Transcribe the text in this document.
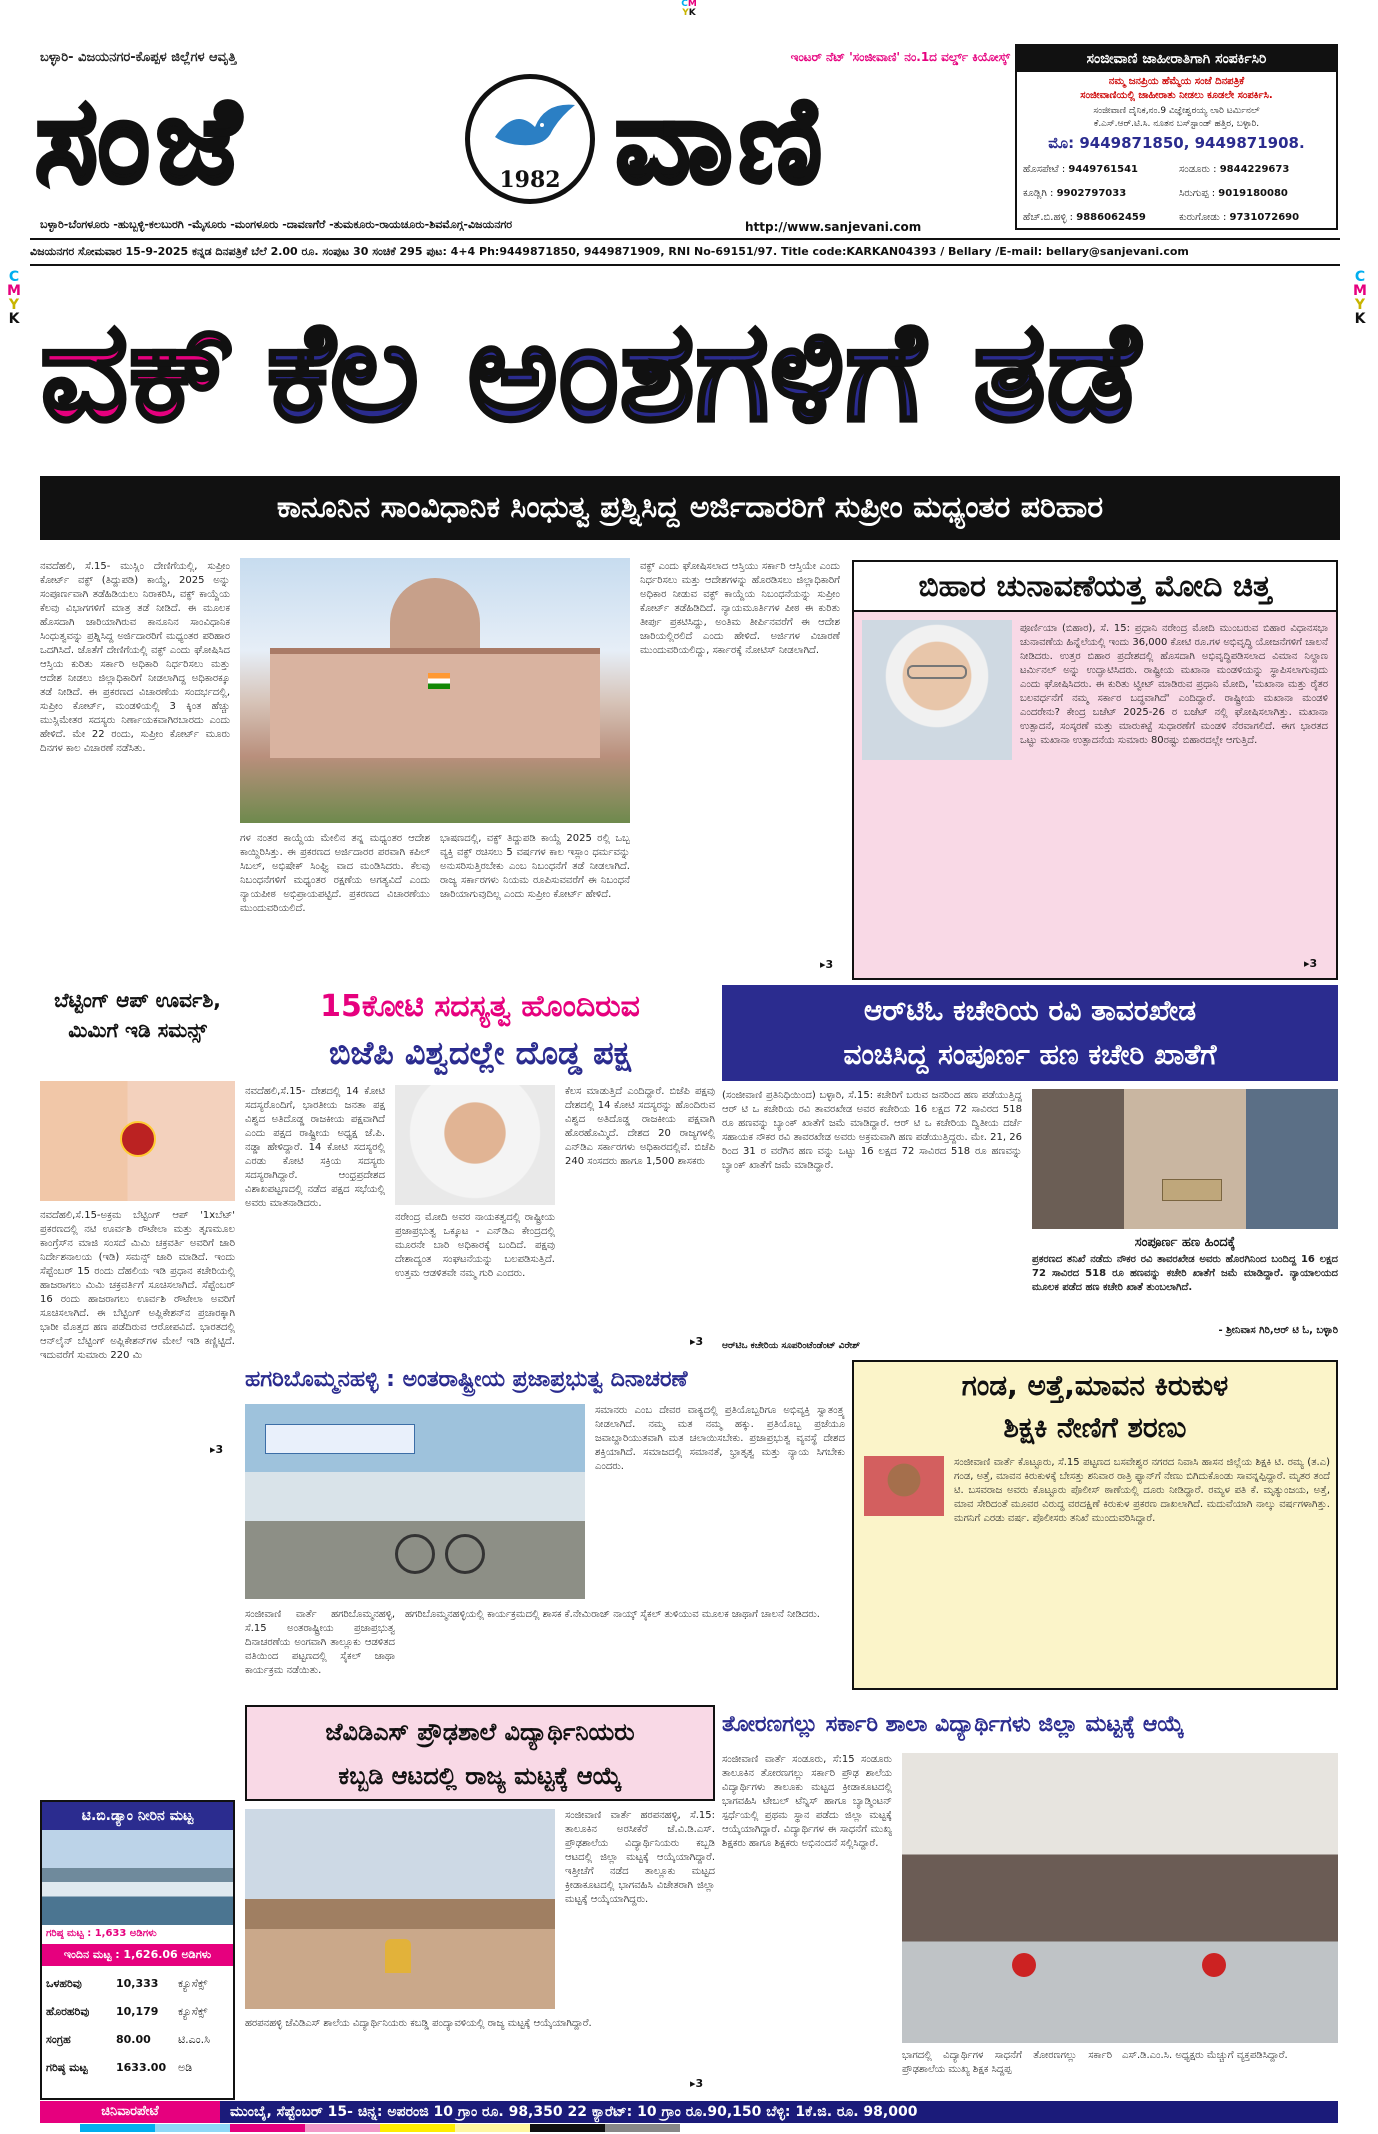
CM
YK
ಬಳ್ಳಾರಿ- ವಿಜಯನಗರ-ಕೊಪ್ಪಳ ಜಿಲ್ಲೆಗಳ ಆವೃತ್ತಿ	ಇಂಟರ್ ನೆಟ್ 'ಸಂಜೀವಾಣಿ' ನಂ.1ದ ವರ್ಲ್ಡ್ ಕಿಯೋಸ್ಕ್
ಸಂಜೆ	1982 ವಾಣಿ
ಬಳ್ಳಾರಿ-ಬೆಂಗಳೂರು -ಹುಬ್ಬಳ್ಳಿ-ಕಲಬುರಗಿ -ಮೈಸೂರು -ಮಂಗಳೂರು -ದಾವಣಗೆರೆ -ತುಮಕೂರು-ರಾಯಚೂರು-ಶಿವಮೊಗ್ಗ-ವಿಜಯನಗರ	http://www.sanjevani.com
ಸಂಜೀವಾಣಿ ಜಾಹೀರಾತಿಗಾಗಿ ಸಂಪರ್ಕಿಸಿರಿ
ನಮ್ಮ ಜನಪ್ರಿಯ ಹೆಮ್ಮೆಯ ಸಂಜೆ ದಿನಪತ್ರಿಕೆ
ಸಂಜೀವಾಣಿಯಲ್ಲಿ ಜಾಹೀರಾತು ನೀಡಲು ಕೂಡಲೇ ಸಂಪರ್ಕಿಸಿ.
ಸಂಜೀವಾಣಿ ದೈನಿಕ,ನಂ.9 ವಿಜ್ಞೇಶ್ವರಯ್ಯ ಲಾರಿ ಟರ್ಮಿನಲ್
ಕೆ.ಎಸ್.ಆರ್.ಟಿ.ಸಿ. ನೂತನ ಬಸ್‌ಸ್ಟಾಂಡ್ ಹತ್ತಿರ, ಬಳ್ಳಾರಿ.
ಮೊ: 9449871850, 9449871908.
ಹೊಸಪೇಟೆ : 9449761541	ಸಂಡೂರು : 9844229673
ಕೂಡ್ಲಿಗಿ : 9902797033	ಸಿರುಗುಪ್ಪ : 9019180080
ಹೆಚ್.ಬಿ.ಹಳ್ಳಿ : 9886062459	ಕುರುಗೋಡು : 9731072690
ವಿಜಯನಗರ ಸೋಮವಾರ 15-9-2025 ಕನ್ನಡ ದಿನಪತ್ರಿಕೆ ಬೆಲೆ 2.00 ರೂ. ಸಂಪುಟ 30 ಸಂಚಿಕೆ 295 ಪುಟ: 4+4 Ph:9449871850, 9449871909, RNI No-69151/97. Title code:KARKAN04393 / Bellary /E-mail: bellary@sanjevani.com
C
M
Y
K
C
M
Y
K
ವಕ್ ಕೆಲ ಅಂಶಗಳಿಗೆ ತಡೆ
ಕಾನೂನಿನ ಸಾಂವಿಧಾನಿಕ ಸಿಂಧುತ್ವ ಪ್ರಶ್ನಿಸಿದ್ದ ಅರ್ಜಿದಾರರಿಗೆ ಸುಪ್ರೀಂ ಮಧ್ಯಂತರ ಪರಿಹಾರ
ನವದೆಹಲಿ, ಸೆ.15- ಮುಸ್ಲಿಂ ದೇಣಿಗೆಯಲ್ಲಿ, ಸುಪ್ರೀಂ ಕೋರ್ಟ್ ವಕ್ಫ್ (ತಿದ್ದುಪಡಿ) ಕಾಯ್ದೆ, 2025 ಅನ್ನು ಸಂಪೂರ್ಣವಾಗಿ ತಡೆಹಿಡಿಯಲು ನಿರಾಕರಿಸಿ, ವಕ್ಫ್ ಕಾಯ್ದೆಯ ಕೆಲವು ವಿಭಾಗಗಳಿಗೆ ಮಾತ್ರ ತಡೆ ನೀಡಿದೆ. ಈ ಮೂಲಕ ಹೊಸದಾಗಿ ಜಾರಿಯಾಗಿರುವ ಕಾನೂನಿನ ಸಾಂವಿಧಾನಿಕ ಸಿಂಧುತ್ವವನ್ನು ಪ್ರಶ್ನಿಸಿದ್ದ ಅರ್ಜಿದಾರರಿಗೆ ಮಧ್ಯಂತರ ಪರಿಹಾರ ಒದಗಿಸಿದೆ. ಜೊತೆಗೆ ದೇಣಿಗೆಯಲ್ಲಿ ವಕ್ಫ್ ಎಂದು ಘೋಷಿಸಿದ ಆಸ್ತಿಯ ಕುರಿತು ಸರ್ಕಾರಿ ಅಧಿಕಾರಿ ನಿರ್ಧರಿಸಲು ಮತ್ತು ಆದೇಶ ನೀಡಲು ಜಿಲ್ಲಾಧಿಕಾರಿಗೆ ನೀಡಲಾಗಿದ್ದ ಅಧಿಕಾರಕ್ಕೂ ತಡೆ ನೀಡಿದೆ. ಈ ಪ್ರಕರಣದ ವಿಚಾರಣೆಯ ಸಂದರ್ಭದಲ್ಲಿ, ಸುಪ್ರೀಂ ಕೋರ್ಟ್, ಮಂಡಳಿಯಲ್ಲಿ 3 ಕ್ಕಿಂತ ಹೆಚ್ಚು ಮುಸ್ಲಿಮೇತರ ಸದಸ್ಯರು ನಿರ್ಣಾಯಕವಾಗಿರಬಾರದು ಎಂದು ಹೇಳಿದೆ. ಮೇ 22 ರಂದು, ಸುಪ್ರೀಂ ಕೋರ್ಟ್ ಮೂರು ದಿನಗಳ ಕಾಲ ವಿಚಾರಣೆ ನಡೆಸಿತು.
ಗಳ ನಂತರ ಕಾಯ್ದೆಯ ಮೇಲಿನ ತನ್ನ ಮಧ್ಯಂತರ ಆದೇಶ ಕಾಯ್ದಿರಿಸಿತ್ತು. ಈ ಪ್ರಕರಣದ ಅರ್ಜಿದಾರರ ಪರವಾಗಿ ಕಪಿಲ್ ಸಿಬಲ್, ಅಭಿಷೇಕ್ ಸಿಂಘ್ವಿ ವಾದ ಮಂಡಿಸಿದರು. ಕೆಲವು ನಿಬಂಧನೆಗಳಿಗೆ ಮಧ್ಯಂತರ ರಕ್ಷಣೆಯ ಅಗತ್ಯವಿದೆ ಎಂದು ನ್ಯಾಯಪೀಠ ಅಭಿಪ್ರಾಯಪಟ್ಟಿದೆ. ಪ್ರಕರಣದ ವಿಚಾರಣೆಯು ಮುಂದುವರಿಯಲಿದೆ.
ಭಾಷಣದಲ್ಲಿ, ವಕ್ಫ್ ತಿದ್ದುಪಡಿ ಕಾಯ್ದೆ 2025 ರಲ್ಲಿ ಒಬ್ಬ ವ್ಯಕ್ತಿ ವಕ್ಫ್ ರಚಿಸಲು 5 ವರ್ಷಗಳ ಕಾಲ ಇಸ್ಲಾಂ ಧರ್ಮವನ್ನು ಅನುಸರಿಸುತ್ತಿರಬೇಕು ಎಂಬ ನಿಬಂಧನೆಗೆ ತಡೆ ನೀಡಲಾಗಿದೆ. ರಾಜ್ಯ ಸರ್ಕಾರಗಳು ನಿಯಮ ರೂಪಿಸುವವರೆಗೆ ಈ ನಿಬಂಧನೆ ಜಾರಿಯಾಗುವುದಿಲ್ಲ ಎಂದು ಸುಪ್ರೀಂ ಕೋರ್ಟ್ ಹೇಳಿದೆ.
ವಕ್ಫ್ ಎಂದು ಘೋಷಿಸಲಾದ ಆಸ್ತಿಯು ಸರ್ಕಾರಿ ಆಸ್ತಿಯೇ ಎಂದು ನಿರ್ಧರಿಸಲು ಮತ್ತು ಆದೇಶಗಳನ್ನು ಹೊರಡಿಸಲು ಜಿಲ್ಲಾಧಿಕಾರಿಗೆ ಅಧಿಕಾರ ನೀಡುವ ವಕ್ಫ್ ಕಾಯ್ದೆಯ ನಿಬಂಧನೆಯನ್ನು ಸುಪ್ರೀಂ ಕೋರ್ಟ್ ತಡೆಹಿಡಿದಿದೆ. ನ್ಯಾಯಮೂರ್ತಿಗಳ ಪೀಠ ಈ ಕುರಿತು ತೀರ್ಪು ಪ್ರಕಟಿಸಿದ್ದು, ಅಂತಿಮ ತೀರ್ಪಿನವರೆಗೆ ಈ ಆದೇಶ ಜಾರಿಯಲ್ಲಿರಲಿದೆ ಎಂದು ಹೇಳಿದೆ. ಅರ್ಜಿಗಳ ವಿಚಾರಣೆ ಮುಂದುವರಿಯಲಿದ್ದು, ಸರ್ಕಾರಕ್ಕೆ ನೋಟಿಸ್ ನೀಡಲಾಗಿದೆ.
▸3
ಬಿಹಾರ ಚುನಾವಣೆಯತ್ತ ಮೋದಿ ಚಿತ್ತ
ಪೂರ್ಣಿಯಾ (ಬಿಹಾರ), ಸೆ. 15: ಪ್ರಧಾನಿ ನರೇಂದ್ರ ಮೋದಿ ಮುಂಬರುವ ಬಿಹಾರ ವಿಧಾನಸಭಾ ಚುನಾವಣೆಯ ಹಿನ್ನೆಲೆಯಲ್ಲಿ ಇಂದು 36,000 ಕೋಟಿ ರೂ.ಗಳ ಅಭಿವೃದ್ಧಿ ಯೋಜನೆಗಳಿಗೆ ಚಾಲನೆ ನೀಡಿದರು. ಉತ್ತರ ಬಿಹಾರ ಪ್ರದೇಶದಲ್ಲಿ ಹೊಸದಾಗಿ ಅಭಿವೃದ್ಧಿಪಡಿಸಲಾದ ವಿಮಾನ ನಿಲ್ದಾಣ ಟರ್ಮಿನಲ್ ಅನ್ನು ಉದ್ಘಾಟಿಸಿದರು. ರಾಷ್ಟ್ರೀಯ ಮಖಾನಾ ಮಂಡಳಿಯನ್ನು ಸ್ಥಾಪಿಸಲಾಗುವುದು ಎಂದು ಘೋಷಿಸಿದರು. ಈ ಕುರಿತು ಟ್ವೀಟ್ ಮಾಡಿರುವ ಪ್ರಧಾನಿ ಮೋದಿ, 'ಮಖಾನಾ ಮತ್ತು ರೈತರ ಬಲವರ್ಧನೆಗೆ ನಮ್ಮ ಸರ್ಕಾರ ಬದ್ಧವಾಗಿದೆ' ಎಂದಿದ್ದಾರೆ. ರಾಷ್ಟ್ರೀಯ ಮಖಾನಾ ಮಂಡಳಿ ಎಂದರೇನು? ಕೇಂದ್ರ ಬಜೆಟ್ 2025-26 ರ ಬಜೆಟ್ ನಲ್ಲಿ ಘೋಷಿಸಲಾಗಿತ್ತು. ಮಖಾನಾ ಉತ್ಪಾದನೆ, ಸಂಸ್ಕರಣೆ ಮತ್ತು ಮಾರುಕಟ್ಟೆ ಸುಧಾರಣೆಗೆ ಮಂಡಳಿ ನೆರವಾಗಲಿದೆ. ಈಗ ಭಾರತದ ಒಟ್ಟು ಮಖಾನಾ ಉತ್ಪಾದನೆಯ ಸುಮಾರು 80ರಷ್ಟು ಬಿಹಾರದಲ್ಲೇ ಆಗುತ್ತಿದೆ.
▸3
ಬೆಟ್ಟಿಂಗ್ ಆಪ್ ಊರ್ವಶಿ, ಮಿಮಿಗೆ ಇಡಿ ಸಮನ್ಸ್
ನವದೆಹಲಿ,ಸೆ.15-ಅಕ್ರಮ ಬೆಟ್ಟಿಂಗ್ ಆಪ್ '1xಬೆಟ್' ಪ್ರಕರಣದಲ್ಲಿ ನಟಿ ಊರ್ವಶಿ ರೌಟೇಲಾ ಮತ್ತು ತೃಣಮೂಲ ಕಾಂಗ್ರೆಸ್‌ನ ಮಾಜಿ ಸಂಸದೆ ಮಿಮಿ ಚಕ್ರವರ್ತಿ ಅವರಿಗೆ ಜಾರಿ ನಿರ್ದೇಶನಾಲಯ (ಇಡಿ) ಸಮನ್ಸ್ ಜಾರಿ ಮಾಡಿದೆ. ಇಂದು ಸೆಪ್ಟೆಂಬರ್ 15 ರಂದು ದೆಹಲಿಯ ಇಡಿ ಪ್ರಧಾನ ಕಚೇರಿಯಲ್ಲಿ ಹಾಜರಾಗಲು ಮಿಮಿ ಚಕ್ರವರ್ತಿಗೆ ಸೂಚಿಸಲಾಗಿದೆ. ಸೆಪ್ಟೆಂಬರ್ 16 ರಂದು ಹಾಜರಾಗಲು ಊರ್ವಶಿ ರೌಟೇಲಾ ಅವರಿಗೆ ಸೂಚಿಸಲಾಗಿದೆ. ಈ ಬೆಟ್ಟಿಂಗ್ ಅಪ್ಲಿಕೇಶನ್‌ನ ಪ್ರಚಾರಕ್ಕಾಗಿ ಭಾರೀ ಮೊತ್ತದ ಹಣ ಪಡೆದಿರುವ ಆರೋಪವಿದೆ. ಭಾರತದಲ್ಲಿ ಆನ್‌ಲೈನ್ ಬೆಟ್ಟಿಂಗ್ ಅಪ್ಲಿಕೇಶನ್‌ಗಳ ಮೇಲೆ ಇಡಿ ಕಣ್ಣಿಟ್ಟಿದೆ. ಇದುವರೆಗೆ ಸುಮಾರು 220 ಮಿ
▸3
15ಕೋಟಿ ಸದಸ್ಯತ್ವ ಹೊಂದಿರುವ
ಬಿಜೆಪಿ ವಿಶ್ವದಲ್ಲೇ ದೊಡ್ಡ ಪಕ್ಷ
ನವದೆಹಲಿ,ಸೆ.15- ದೇಶದಲ್ಲಿ 14 ಕೋಟಿ ಸದಸ್ಯರೊಂದಿಗೆ, ಭಾರತೀಯ ಜನತಾ ಪಕ್ಷ ವಿಶ್ವದ ಅತಿದೊಡ್ಡ ರಾಜಕೀಯ ಪಕ್ಷವಾಗಿದೆ ಎಂದು ಪಕ್ಷದ ರಾಷ್ಟ್ರೀಯ ಅಧ್ಯಕ್ಷ ಜೆ.ಪಿ. ನಡ್ಡಾ ಹೇಳಿದ್ದಾರೆ. 14 ಕೋಟಿ ಸದಸ್ಯರಲ್ಲಿ ಎರಡು ಕೋಟಿ ಸಕ್ರಿಯ ಸದಸ್ಯರು ಸದಸ್ಯರಾಗಿದ್ದಾರೆ. ಆಂಧ್ರಪ್ರದೇಶದ ವಿಶಾಖಪಟ್ಟಣದಲ್ಲಿ ನಡೆದ ಪಕ್ಷದ ಸಭೆಯಲ್ಲಿ ಅವರು ಮಾತನಾಡಿದರು.
ನರೇಂದ್ರ ಮೋದಿ ಅವರ ನಾಯಕತ್ವದಲ್ಲಿ ರಾಷ್ಟ್ರೀಯ ಪ್ರಜಾಪ್ರಭುತ್ವ ಒಕ್ಕೂಟ - ಎನ್‌ಡಿಎ ಕೇಂದ್ರದಲ್ಲಿ ಮೂರನೇ ಬಾರಿ ಅಧಿಕಾರಕ್ಕೆ ಬಂದಿದೆ. ಪಕ್ಷವು ದೇಶಾದ್ಯಂತ ಸಂಘಟನೆಯನ್ನು ಬಲಪಡಿಸುತ್ತಿದೆ. ಉತ್ತಮ ಆಡಳಿತವೇ ನಮ್ಮ ಗುರಿ ಎಂದರು.
ಕೆಲಸ ಮಾಡುತ್ತಿದೆ ಎಂದಿದ್ದಾರೆ. ಬಿಜೆಪಿ ಪಕ್ಷವು ದೇಶದಲ್ಲಿ 14 ಕೋಟಿ ಸದಸ್ಯರನ್ನು ಹೊಂದಿರುವ ವಿಶ್ವದ ಅತಿದೊಡ್ಡ ರಾಜಕೀಯ ಪಕ್ಷವಾಗಿ ಹೊರಹೊಮ್ಮಿದೆ. ದೇಶದ 20 ರಾಜ್ಯಗಳಲ್ಲಿ ಎನ್‌ಡಿಎ ಸರ್ಕಾರಗಳು ಅಧಿಕಾರದಲ್ಲಿವೆ. ಬಿಜೆಪಿ 240 ಸಂಸದರು ಹಾಗೂ 1,500 ಶಾಸಕರು
▸3
ಆರ್‌ಟಿಓ ಕಚೇರಿಯ ರವಿ ತಾವರಖೇಡ
ವಂಚಿಸಿದ್ದ ಸಂಪೂರ್ಣ ಹಣ ಕಚೇರಿ ಖಾತೆಗೆ
(ಸಂಜೀವಾಣಿ ಪ್ರತಿನಿಧಿಯಿಂದ) ಬಳ್ಳಾರಿ, ಸೆ.15: ಕಚೇರಿಗೆ ಬರುವ ಜನರಿಂದ ಹಣ ಪಡೆಯುತ್ತಿದ್ದ ಆರ್ ಟಿ ಒ ಕಚೇರಿಯ ರವಿ ತಾವರಖೇಡ ಅವರ ಕಚೇರಿಯ 16 ಲಕ್ಷದ 72 ಸಾವಿರದ 518 ರೂ ಹಣವನ್ನು ಬ್ಯಾಂಕ್ ಖಾತೆಗೆ ಜಮೆ ಮಾಡಿದ್ದಾರೆ. ಆರ್ ಟಿ ಒ ಕಚೇರಿಯ ದ್ವಿತೀಯ ದರ್ಜೆ ಸಹಾಯಕ ನೌಕರ ರವಿ ತಾವರಖೇಡ ಅವರು ಅಕ್ರಮವಾಗಿ ಹಣ ಪಡೆಯುತ್ತಿದ್ದರು. ಮೇ. 21, 26 ರಿಂದ 31 ರ ವರೆಗಿನ ಹಣ ವನ್ನು ಒಟ್ಟು 16 ಲಕ್ಷದ 72 ಸಾವಿರದ 518 ರೂ ಹಣವನ್ನು ಬ್ಯಾಂಕ್ ಖಾತೆಗೆ ಜಮೆ ಮಾಡಿದ್ದಾರೆ.
ಸಂಪೂರ್ಣ ಹಣ ಹಿಂದಕ್ಕೆ
ಪ್ರಕರಣದ ತನಿಖೆ ನಡೆದು ನೌಕರ ರವಿ ತಾವರಖೇಡ ಅವರು ಹೊರಗಿನಿಂದ ಬಂದಿದ್ದ 16 ಲಕ್ಷದ 72 ಸಾವಿರದ 518 ರೂ ಹಣವನ್ನು ಕಚೇರಿ ಖಾತೆಗೆ ಜಮೆ ಮಾಡಿದ್ದಾರೆ. ನ್ಯಾಯಾಲಯದ ಮೂಲಕ ಪಡೆದ ಹಣ ಕಚೇರಿ ಖಾತೆ ತುಂಬಲಾಗಿದೆ.
- ಶ್ರೀನಿವಾಸ ಗಿರಿ,ಆರ್ ಟಿ ಓ, ಬಳ್ಳಾರಿ
ಆರ್‌ಟಿಒ ಕಚೇರಿಯ ಸೂಪರಿಂಟೆಂಡೆಂಟ್ ವಿರೇಶ್
ಹಗರಿಬೊಮ್ಮನಹಳ್ಳಿ : ಅಂತರಾಷ್ಟ್ರೀಯ ಪ್ರಜಾಪ್ರಭುತ್ವ ದಿನಾಚರಣೆ
ಸಮಾನರು ಎಂಬ ದೇವರ ವಾಕ್ಯದಲ್ಲಿ ಪ್ರತಿಯೊಬ್ಬರಿಗೂ ಅಭಿವ್ಯಕ್ತಿ ಸ್ವಾತಂತ್ರ್ಯ ನೀಡಲಾಗಿದೆ. ನಮ್ಮ ಮತ ನಮ್ಮ ಹಕ್ಕು. ಪ್ರತಿಯೊಬ್ಬ ಪ್ರಜೆಯೂ ಜವಾಬ್ದಾರಿಯುತವಾಗಿ ಮತ ಚಲಾಯಿಸಬೇಕು. ಪ್ರಜಾಪ್ರಭುತ್ವ ವ್ಯವಸ್ಥೆ ದೇಶದ ಶಕ್ತಿಯಾಗಿದೆ. ಸಮಾಜದಲ್ಲಿ ಸಮಾನತೆ, ಭ್ರಾತೃತ್ವ ಮತ್ತು ನ್ಯಾಯ ಸಿಗಬೇಕು ಎಂದರು.
ಸಂಜೀವಾಣಿ ವಾರ್ತೆ ಹಗರಿಬೊಮ್ಮನಹಳ್ಳಿ, ಸೆ.15 ಅಂತರಾಷ್ಟ್ರೀಯ ಪ್ರಜಾಪ್ರಭುತ್ವ ದಿನಾಚರಣೆಯ ಅಂಗವಾಗಿ ತಾಲ್ಲೂಕು ಆಡಳಿತದ ವತಿಯಿಂದ ಪಟ್ಟಣದಲ್ಲಿ ಸೈಕಲ್ ಜಾಥಾ ಕಾರ್ಯಕ್ರಮ ನಡೆಯಿತು.
ಹಗರಿಬೊಮ್ಮನಹಳ್ಳಿಯಲ್ಲಿ ಕಾರ್ಯಕ್ರಮದಲ್ಲಿ ಶಾಸಕ ಕೆ.ನೇಮಿರಾಜ್ ನಾಯ್ಕ್ ಸೈಕಲ್ ತುಳಿಯುವ ಮೂಲಕ ಜಾಥಾಗೆ ಚಾಲನೆ ನೀಡಿದರು.
ಗಂಡ, ಅತ್ತೆ,ಮಾವನ ಕಿರುಕುಳ
ಶಿಕ್ಷಕಿ ನೇಣಿಗೆ ಶರಣು
ಸಂಜೀವಾಣಿ ವಾರ್ತೆ ಕೊಟ್ಟೂರು, ಸೆ.15 ಪಟ್ಟಣದ ಬಸವೇಶ್ವರ ನಗರದ ನಿವಾಸಿ ಹಾಸನ ಜಿಲ್ಲೆಯ ಶಿಕ್ಷಕಿ ಟಿ. ರಮ್ಯ (ತ.ಎ) ಗಂಡ, ಅತ್ತೆ, ಮಾವನ ಕಿರುಕುಳಕ್ಕೆ ಬೇಸತ್ತು ಶನಿವಾರ ರಾತ್ರಿ ಫ್ಯಾನ್‌ಗೆ ನೇಣು ಬಿಗಿದುಕೊಂಡು ಸಾವನ್ನಪ್ಪಿದ್ದಾರೆ. ಮೃತರ ತಂದೆ ಟಿ. ಬಸವರಾಜ ಅವರು ಕೊಟ್ಟೂರು ಪೊಲೀಸ್ ಠಾಣೆಯಲ್ಲಿ ದೂರು ನೀಡಿದ್ದಾರೆ. ರಮ್ಯಳ ಪತಿ ಕೆ. ಮೃತ್ಯುಂಜಯ, ಅತ್ತೆ, ಮಾವ ಸೇರಿದಂತೆ ಮೂವರ ವಿರುದ್ಧ ವರದಕ್ಷಿಣೆ ಕಿರುಕುಳ ಪ್ರಕರಣ ದಾಖಲಾಗಿದೆ. ಮದುವೆಯಾಗಿ ನಾಲ್ಕು ವರ್ಷಗಳಾಗಿತ್ತು. ಮಗನಿಗೆ ಎರಡು ವರ್ಷ. ಪೊಲೀಸರು ತನಿಖೆ ಮುಂದುವರಿಸಿದ್ದಾರೆ.
ಟಿ.ಬಿ.ಡ್ಯಾಂ ನೀರಿನ ಮಟ್ಟ
ಗರಿಷ್ಠ ಮಟ್ಟ : 1,633 ಅಡಿಗಳು
ಇಂದಿನ ಮಟ್ಟ : 1,626.06 ಅಡಿಗಳು
ಒಳಹರಿವು	10,333 ಕ್ಯೂಸೆಕ್ಸ್
ಹೊರಹರಿವು 10,179 ಕ್ಯೂಸೆಕ್ಸ್
ಸಂಗ್ರಹ	80.00 ಟಿ.ಎಂ.ಸಿ
ಗರಿಷ್ಠ ಮಟ್ಟ	1633.00 ಅಡಿ
ಜೆವಿಡಿಎಸ್ ಪ್ರೌಢಶಾಲೆ ವಿದ್ಯಾರ್ಥಿನಿಯರು
ಕಬ್ಬಡಿ ಆಟದಲ್ಲಿ ರಾಜ್ಯ ಮಟ್ಟಕ್ಕೆ ಆಯ್ಕೆ
ಸಂಜೀವಾಣಿ ವಾರ್ತೆ ಹರಪನಹಳ್ಳಿ, ಸೆ.15: ತಾಲೂಕಿನ ಅರಸೀಕೆರೆ ಜೆ.ವಿ.ಡಿ.ಎಸ್. ಪ್ರೌಢಶಾಲೆಯ ವಿದ್ಯಾರ್ಥಿನಿಯರು ಕಬ್ಬಡಿ ಆಟದಲ್ಲಿ ಜಿಲ್ಲಾ ಮಟ್ಟಕ್ಕೆ ಆಯ್ಕೆಯಾಗಿದ್ದಾರೆ. ಇತ್ತೀಚೆಗೆ ನಡೆದ ತಾಲ್ಲೂಕು ಮಟ್ಟದ ಕ್ರೀಡಾಕೂಟದಲ್ಲಿ ಭಾಗವಹಿಸಿ ವಿಜೇತರಾಗಿ ಜಿಲ್ಲಾ ಮಟ್ಟಕ್ಕೆ ಆಯ್ಕೆಯಾಗಿದ್ದರು.
ಹರಪನಹಳ್ಳಿ ಜೆವಿಡಿಎಸ್ ಶಾಲೆಯ ವಿದ್ಯಾರ್ಥಿನಿಯರು ಕಬಡ್ಡಿ ಪಂದ್ಯಾವಳಿಯಲ್ಲಿ ರಾಜ್ಯ ಮಟ್ಟಕ್ಕೆ ಆಯ್ಕೆಯಾಗಿದ್ದಾರೆ.
▸3
ತೋರಣಗಲ್ಲು ಸರ್ಕಾರಿ ಶಾಲಾ ವಿದ್ಯಾರ್ಥಿಗಳು ಜಿಲ್ಲಾ ಮಟ್ಟಕ್ಕೆ ಆಯ್ಕೆ
ಸಂಜೀವಾಣಿ ವಾರ್ತೆ ಸಂಡೂರು, ಸೆ:15 ಸಂಡೂರು ತಾಲೂಕಿನ ತೋರಣಗಲ್ಲು ಸರ್ಕಾರಿ ಪ್ರೌಢ ಶಾಲೆಯ ವಿದ್ಯಾರ್ಥಿಗಳು ತಾಲೂಕು ಮಟ್ಟದ ಕ್ರೀಡಾಕೂಟದಲ್ಲಿ ಭಾಗವಹಿಸಿ ಟೇಬಲ್ ಟೆನ್ನಿಸ್ ಹಾಗೂ ಬ್ಯಾಡ್ಮಿಂಟನ್ ಸ್ಪರ್ಧೆಯಲ್ಲಿ ಪ್ರಥಮ ಸ್ಥಾನ ಪಡೆದು ಜಿಲ್ಲಾ ಮಟ್ಟಕ್ಕೆ ಆಯ್ಕೆಯಾಗಿದ್ದಾರೆ. ವಿದ್ಯಾರ್ಥಿಗಳ ಈ ಸಾಧನೆಗೆ ಮುಖ್ಯ ಶಿಕ್ಷಕರು ಹಾಗೂ ಶಿಕ್ಷಕರು ಅಭಿನಂದನೆ ಸಲ್ಲಿಸಿದ್ದಾರೆ.
ಭಾಗದಲ್ಲಿ ವಿದ್ಯಾರ್ಥಿಗಳ ಸಾಧನೆಗೆ ತೋರಣಗಲ್ಲು ಸರ್ಕಾರಿ ಪ್ರೌಢಶಾಲೆಯ ಮುಖ್ಯ ಶಿಕ್ಷಕ ಸಿದ್ದಪ್ಪ
ಎಸ್.ಡಿ.ಎಂ.ಸಿ. ಅಧ್ಯಕ್ಷರು ಮೆಚ್ಚುಗೆ ವ್ಯಕ್ತಪಡಿಸಿದ್ದಾರೆ.
ಚಿನಿವಾರಪೇಟೆ	ಮುಂಬೈ, ಸೆಪ್ಟೆಂಬರ್ 15- ಚಿನ್ನ: ಅಪರಂಜಿ 10 ಗ್ರಾಂ ರೂ. 98,350 22 ಕ್ಯಾರೆಟ್: 10 ಗ್ರಾಂ ರೂ.90,150 ಬೆಳ್ಳಿ: 1ಕೆ.ಜಿ. ರೂ. 98,000
